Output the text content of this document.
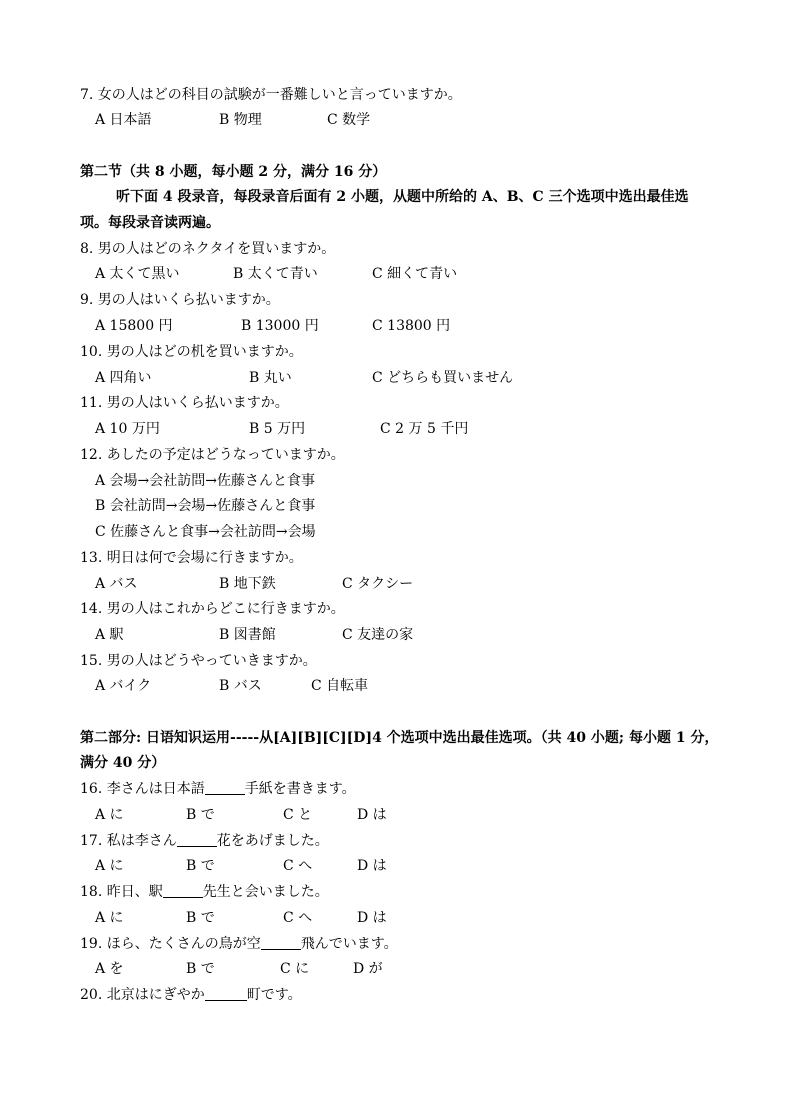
7. 女の人はどの科目の試験が一番難しいと言っていますか。
A 日本語	B 物理	C 数学
第二节（共 8 小题，每小题 2 分，满分 16 分）
听下面 4 段录音，每段录音后面有 2 小题，从题中所给的 A、B、C 三个选项中选出最佳选
项。每段录音读两遍。
8. 男の人はどのネクタイを買いますか。
A 太くて黒い	B 太くて青い	C 細くて青い
9. 男の人はいくら払いますか。
A 15800 円	B 13000 円	C 13800 円
10. 男の人はどの机を買いますか。
A 四角い	B 丸い	C どちらも買いません
11. 男の人はいくら払いますか。
A 10 万円	B 5 万円	C 2 万 5 千円
12. あしたの予定はどうなっていますか。
A 会場→会社訪問→佐藤さんと食事
B 会社訪問→会場→佐藤さんと食事
C 佐藤さんと食事→会社訪問→会場
13. 明日は何で会場に行きますか。
A バス	B 地下鉄	C タクシー
14. 男の人はこれからどこに行きますか。
A 駅	B 図書館	C 友達の家
15. 男の人はどうやっていきますか。
A バイク	B バス	C 自転車
第二部分: 日语知识运用-----从[A][B][C][D]4 个选项中选出最佳选项。（共 40 小题; 每小题 1 分，
满分 40 分）
16. 李さんは日本語	手紙を書きます。
A に	B で	C と	D は
17. 私は李さん	花をあげました。
A に	B で	C へ	D は
18. 昨日、駅	先生と会いました。
A に	B で	C へ	D は
19. ほら、たくさんの鳥が空	飛んでいます。
A を	B で	C に	D が
20. 北京はにぎやか	町です。
